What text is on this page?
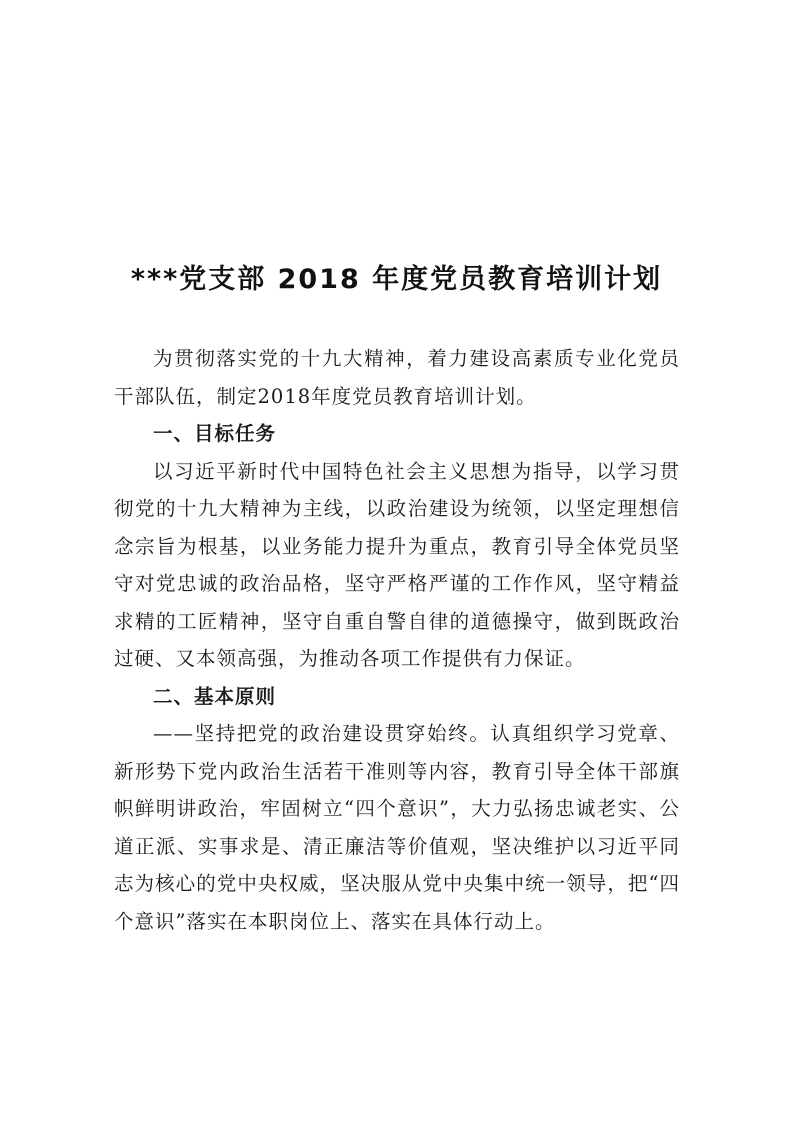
***党支部 2018 年度党员教育培训计划

为贯彻落实党的十九大精神，着力建设高素质专业化党员干部队伍，制定2018年度党员教育培训计划。

一、目标任务

以习近平新时代中国特色社会主义思想为指导，以学习贯彻党的十九大精神为主线，以政治建设为统领，以坚定理想信念宗旨为根基，以业务能力提升为重点，教育引导全体党员坚守对党忠诚的政治品格，坚守严格严谨的工作作风，坚守精益求精的工匠精神，坚守自重自警自律的道德操守，做到既政治过硬、又本领高强，为推动各项工作提供有力保证。

二、基本原则

——坚持把党的政治建设贯穿始终。认真组织学习党章、新形势下党内政治生活若干准则等内容，教育引导全体干部旗帜鲜明讲政治，牢固树立“四个意识”，大力弘扬忠诚老实、公道正派、实事求是、清正廉洁等价值观，坚决维护以习近平同志为核心的党中央权威，坚决服从党中央集中统一领导，把“四个意识”落实在本职岗位上、落实在具体行动上。
